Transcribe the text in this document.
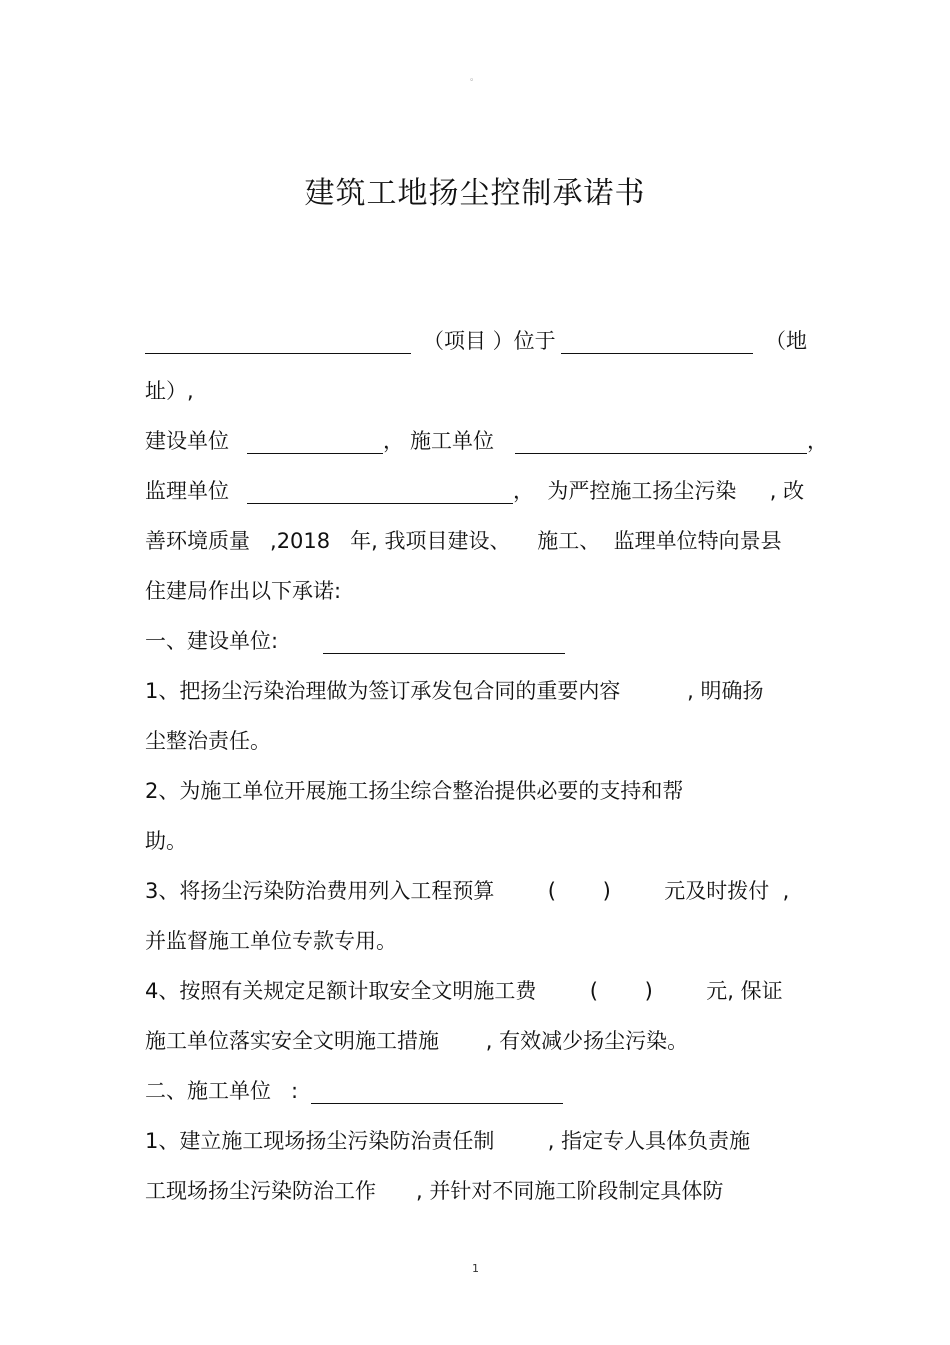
。
建筑工地扬尘控制承诺书

（项目 ）位于

	（地

址）,

建设单位

	，

施工单位

	，

监理单位

	，  为严控施工扬尘污染     , 改

善环境质量   ,2018   年, 我项目建设、    施工、  监理单位特向景县
住建局作出以下承诺:

一、建设单位:

1、把扬尘污染治理做为签订承发包合同的重要内容          , 明确扬
尘整治责任。
2、为施工单位开展施工扬尘综合整治提供必要的支持和帮
助。
3、将扬尘污染防治费用列入工程预算        (       )        元及时拨付  ,
并监督施工单位专款专用。
4、按照有关规定足额计取安全文明施工费        (       )        元, 保证
施工单位落实安全文明施工措施       , 有效减少扬尘污染。

二、施工单位   :

1、建立施工现场扬尘污染防治责任制        , 指定专人具体负责施
工现场扬尘污染防治工作      , 并针对不同施工阶段制定具体防
1
